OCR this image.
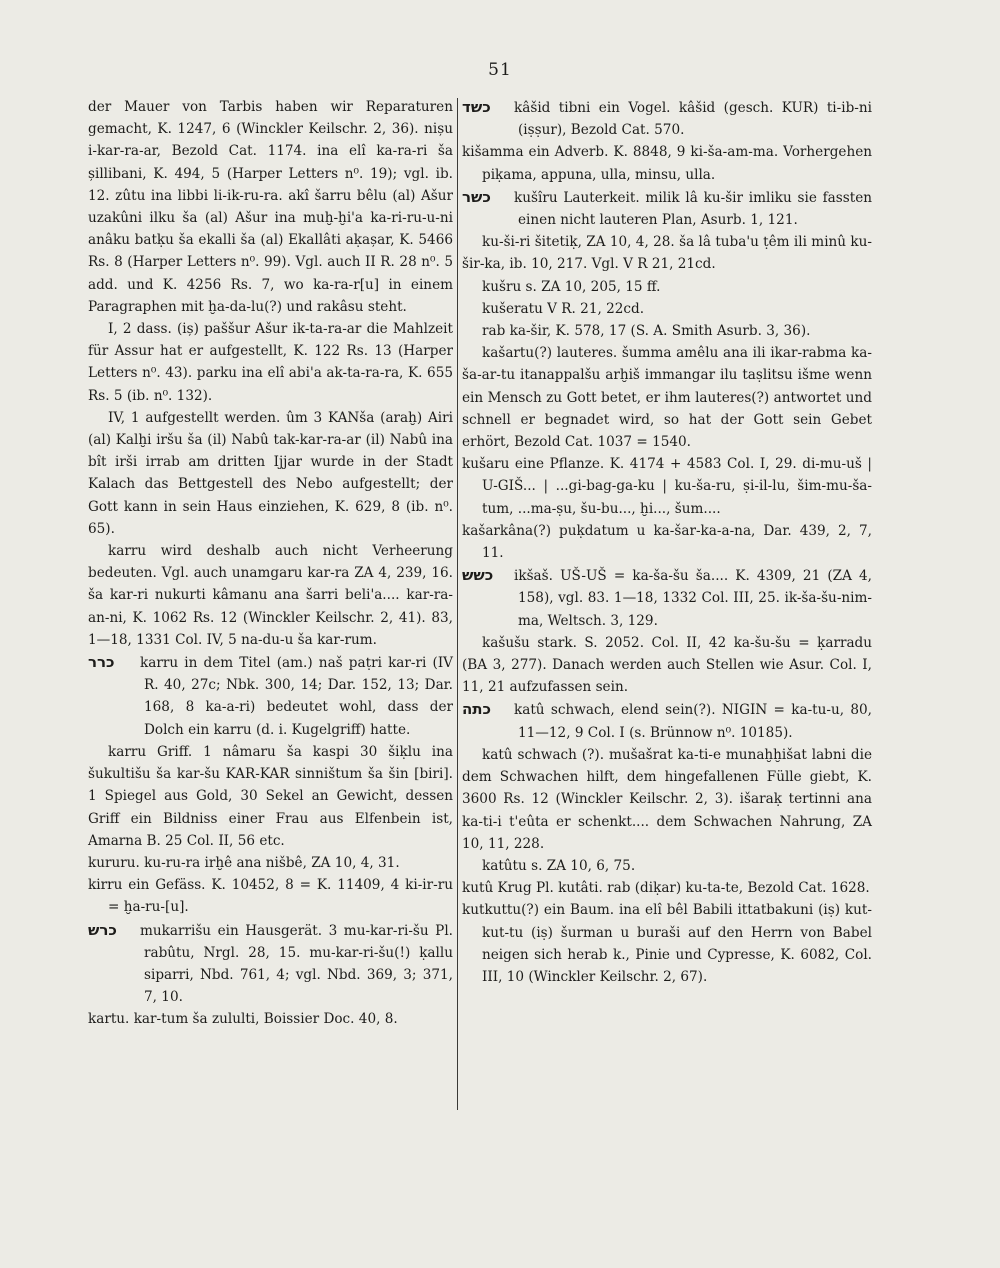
51

der Mauer von Tarbis haben wir Reparaturen gemacht, K. 1247, 6 (Winckler Keilschr. 2, 36). nișu i-kar-ra-ar, Bezold Cat. 1174. ina elî ka-ra-ri ša șillibani, K. 494, 5 (Harper Letters n⁰. 19); vgl. ib. 12. zûtu ina libbi li-ik-ru-ra. akî šarru bêlu (al) Ašur uzakûni ilku ša (al) Ašur ina muḫ-ḫi'a ka-ri-ru-u-ni anâku batḳu ša ekalli ša (al) Ekallâti aḳașar, K. 5466 Rs. 8 (Harper Letters n⁰. 99). Vgl. auch II R. 28 n⁰. 5 add. und K. 4256 Rs. 7, wo ka-ra-r[u] in einem Paragraphen mit ḫa-da-lu(?) und rakâsu steht.

I, 2 dass. (iș) paššur Ašur ik-ta-ra-ar die Mahlzeit für Assur hat er aufgestellt, K. 122 Rs. 13 (Harper Letters n⁰. 43). parku ina elî abi'a ak-ta-ra-ra, K. 655 Rs. 5 (ib. n⁰. 132).

IV, 1 aufgestellt werden. ûm 3 KANša (araḫ) Airi (al) Kalḫi iršu ša (il) Nabû tak-kar-ra-ar (il) Nabû ina bît irši irrab am dritten Ijjar wurde in der Stadt Kalach das Bettgestell des Nebo aufgestellt; der Gott kann in sein Haus einziehen, K. 629, 8 (ib. n⁰. 65).

karru wird deshalb auch nicht Verheerung bedeuten. Vgl. auch unamgaru kar-ra ZA 4, 239, 16. ša kar-ri nukurti kâmanu ana šarri beli'a.... kar-ra-an-ni, K. 1062 Rs. 12 (Winckler Keilschr. 2, 41). 83, 1—18, 1331 Col. IV, 5 na-du-u ša kar-rum.

כרר karru in dem Titel (am.) naš paṭri kar-ri (IV R. 40, 27c; Nbk. 300, 14; Dar. 152, 13; Dar. 168, 8 ka-a-ri) bedeutet wohl, dass der Dolch ein karru (d. i. Kugelgriff) hatte.

karru Griff. 1 nâmaru ša kaspi 30 šiḳlu ina šukultišu ša kar-šu KAR-KAR sinništum ša šin [biri]. 1 Spiegel aus Gold, 30 Sekel an Gewicht, dessen Griff ein Bildniss einer Frau aus Elfenbein ist, Amarna B. 25 Col. II, 56 etc.

kururu. ku-ru-ra irḫê ana nišbê, ZA 10, 4, 31.

kirru ein Gefäss. K. 10452, 8 = K. 11409, 4 ki-ir-ru = ḫa-ru-[u].

כרש mukarrišu ein Hausgerät. 3 mu-kar-ri-šu Pl. rabûtu, Nrgl. 28, 15. mu-kar-ri-šu(!) ḳallu siparri, Nbd. 761, 4; vgl. Nbd. 369, 3; 371, 7, 10.

kartu. kar-tum ša zululti, Boissier Doc. 40, 8.

כשד kâšid tibni ein Vogel. kâšid (gesch. KUR) ti-ib-ni (iṣṣur), Bezold Cat. 570.

kišamma ein Adverb. K. 8848, 9 ki-ša-am-ma. Vorhergehen piḳama, appuna, ulla, minsu, ulla.

כשר kušîru Lauterkeit. milik lâ ku-šir imliku sie fassten einen nicht lauteren Plan, Asurb. 1, 121.

ku-ši-ri šitetiḳ, ZA 10, 4, 28. ša lâ tuba'u ṭêm ili minû ku-šir-ka, ib. 10, 217. Vgl. V R 21, 21cd.

kušru s. ZA 10, 205, 15 ff.

kušeratu V R. 21, 22cd.

rab ka-šir, K. 578, 17 (S. A. Smith Asurb. 3, 36).

kašartu(?) lauteres. šumma amêlu ana ili ikar-rabma ka-ša-ar-tu itanappalšu arḫiš immangar ilu taṣlitsu išme wenn ein Mensch zu Gott betet, er ihm lauteres(?) antwortet und schnell er begnadet wird, so hat der Gott sein Gebet erhört, Bezold Cat. 1037 = 1540.

kušaru eine Pflanze. K. 4174 + 4583 Col. I, 29. di-mu-uš | U-GIŠ... | ...gi-bag-ga-ku | ku-ša-ru, ṣi-il-lu, šim-mu-ša-tum, ...ma-ṣu, šu-bu..., ḫi..., šum....

kašarkâna(?) puḳdatum u ka-šar-ka-a-na, Dar. 439, 2, 7, 11.

כשש ikšaš. UŠ-UŠ = ka-ša-šu ša.... K. 4309, 21 (ZA 4, 158), vgl. 83. 1—18, 1332 Col. III, 25. ik-ša-šu-nim-ma, Weltsch. 3, 129.

kašušu stark. S. 2052. Col. II, 42 ka-šu-šu = ḳarradu (BA 3, 277). Danach werden auch Stellen wie Asur. Col. I, 11, 21 aufzufassen sein.

כתה katû schwach, elend sein(?). NIGIN = ka-tu-u, 80, 11—12, 9 Col. I (s. Brünnow n⁰. 10185).

katû schwach (?). mušašrat ka-ti-e munaḫḫišat labni die dem Schwachen hilft, dem hingefallenen Fülle giebt, K. 3600 Rs. 12 (Winckler Keilschr. 2, 3). išaraḳ tertinni ana ka-ti-i t'eûta er schenkt.... dem Schwachen Nahrung, ZA 10, 11, 228.

katûtu s. ZA 10, 6, 75.

kutû Krug Pl. kutâti. rab (diḳar) ku-ta-te, Bezold Cat. 1628.

kutkuttu(?) ein Baum. ina elî bêl Babili ittatbakuni (iṣ) kut-kut-tu (iṣ) šurman u buraši auf den Herrn von Babel neigen sich herab k., Pinie und Cypresse, K. 6082, Col. III, 10 (Winckler Keilschr. 2, 67).
